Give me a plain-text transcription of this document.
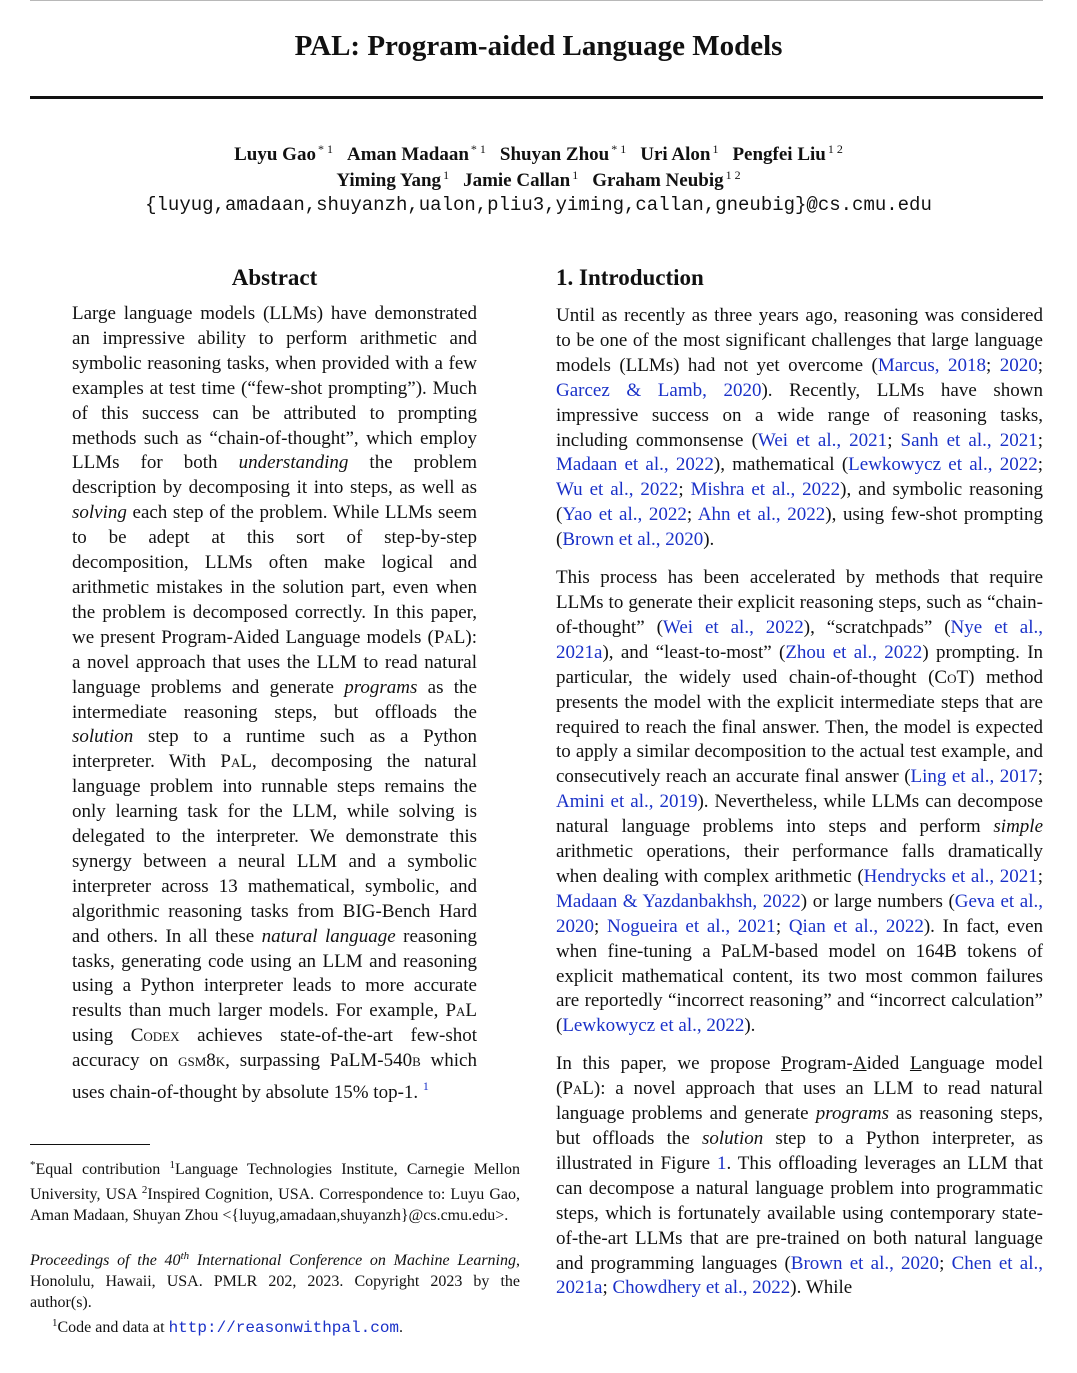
PAL: Program-aided Language Models
Luyu Gao $^{* 1}$ Aman Madaan $^{* 1}$ Shuyan Zhou $^{* 1}$ Uri Alon $^1$ Pengfei Liu $^{1 2}$
Yiming Yang $^1$ Jamie Callan $^1$ Graham Neubig $^{1 2}$
{luyug,amadaan,shuyanzh,ualon,pliu3,yiming,callan,gneubig}@cs.cmu.edu
Abstract

Large language models (LLMs) have demonstrated an impressive ability to perform arithmetic and symbolic reasoning tasks, when provided with a few examples at test time (“few-shot prompting”). Much of this success can be attributed to prompting methods such as “chain-of-thought”, which employ LLMs for both understanding the problem description by decomposing it into steps, as well as solving each step of the problem. While LLMs seem to be adept at this sort of step-by-step decomposition, LLMs often make logical and arithmetic mistakes in the solution part, even when the problem is decomposed correctly. In this paper, we present Program-Aided Language models (PaL): a novel approach that uses the LLM to read natural language problems and generate programs as the intermediate reasoning steps, but offloads the solution step to a runtime such as a Python interpreter. With PaL, decomposing the natural language problem into runnable steps remains the only learning task for the LLM, while solving is delegated to the interpreter. We demonstrate this synergy between a neural LLM and a symbolic interpreter across 13 mathematical, symbolic, and algorithmic reasoning tasks from BIG-Bench Hard and others. In all these natural language reasoning tasks, generating code using an LLM and reasoning using a Python interpreter leads to more accurate results than much larger models. For example, PaL using Codex achieves state-of-the-art few-shot accuracy on gsm8k, surpassing PaLM-540b which uses chain-of-thought by absolute 15% top-1. $^1$

*Equal contribution $^1$Language Technologies Institute, Carnegie Mellon University, USA $^2$Inspired Cognition, USA. Correspondence to: Luyu Gao, Aman Madaan, Shuyan Zhou <{luyug,amadaan,shuyanzh}@cs.cmu.edu>.

Proceedings of the 40th International Conference on Machine Learning, Honolulu, Hawaii, USA. PMLR 202, 2023. Copyright 2023 by the author(s).

$^1$Code and data at http://reasonwithpal.com.

1. Introduction

Until as recently as three years ago, reasoning was considered to be one of the most significant challenges that large language models (LLMs) had not yet overcome (Marcus, 2018; 2020; Garcez & Lamb, 2020). Recently, LLMs have shown impressive success on a wide range of reasoning tasks, including commonsense (Wei et al., 2021; Sanh et al., 2021; Madaan et al., 2022), mathematical (Lewkowycz et al., 2022; Wu et al., 2022; Mishra et al., 2022), and symbolic reasoning (Yao et al., 2022; Ahn et al., 2022), using few-shot prompting (Brown et al., 2020).

This process has been accelerated by methods that require LLMs to generate their explicit reasoning steps, such as “chain-of-thought” (Wei et al., 2022), “scratchpads” (Nye et al., 2021a), and “least-to-most” (Zhou et al., 2022) prompting. In particular, the widely used chain-of-thought (CoT) method presents the model with the explicit intermediate steps that are required to reach the final answer. Then, the model is expected to apply a similar decomposition to the actual test example, and consecutively reach an accurate final answer (Ling et al., 2017; Amini et al., 2019). Nevertheless, while LLMs can decompose natural language problems into steps and perform simple arithmetic operations, their performance falls dramatically when dealing with complex arithmetic (Hendrycks et al., 2021; Madaan & Yazdanbakhsh, 2022) or large numbers (Geva et al., 2020; Nogueira et al., 2021; Qian et al., 2022). In fact, even when fine-tuning a PaLM-based model on 164B tokens of explicit mathematical content, its two most common failures are reportedly “incorrect reasoning” and “incorrect calculation” (Lewkowycz et al., 2022).

In this paper, we propose Program-Aided Language model (PaL): a novel approach that uses an LLM to read natural language problems and generate programs as reasoning steps, but offloads the solution step to a Python interpreter, as illustrated in Figure 1. This offloading leverages an LLM that can decompose a natural language problem into programmatic steps, which is fortunately available using contemporary state-of-the-art LLMs that are pre-trained on both natural language and programming languages (Brown et al., 2020; Chen et al., 2021a; Chowdhery et al., 2022). While
